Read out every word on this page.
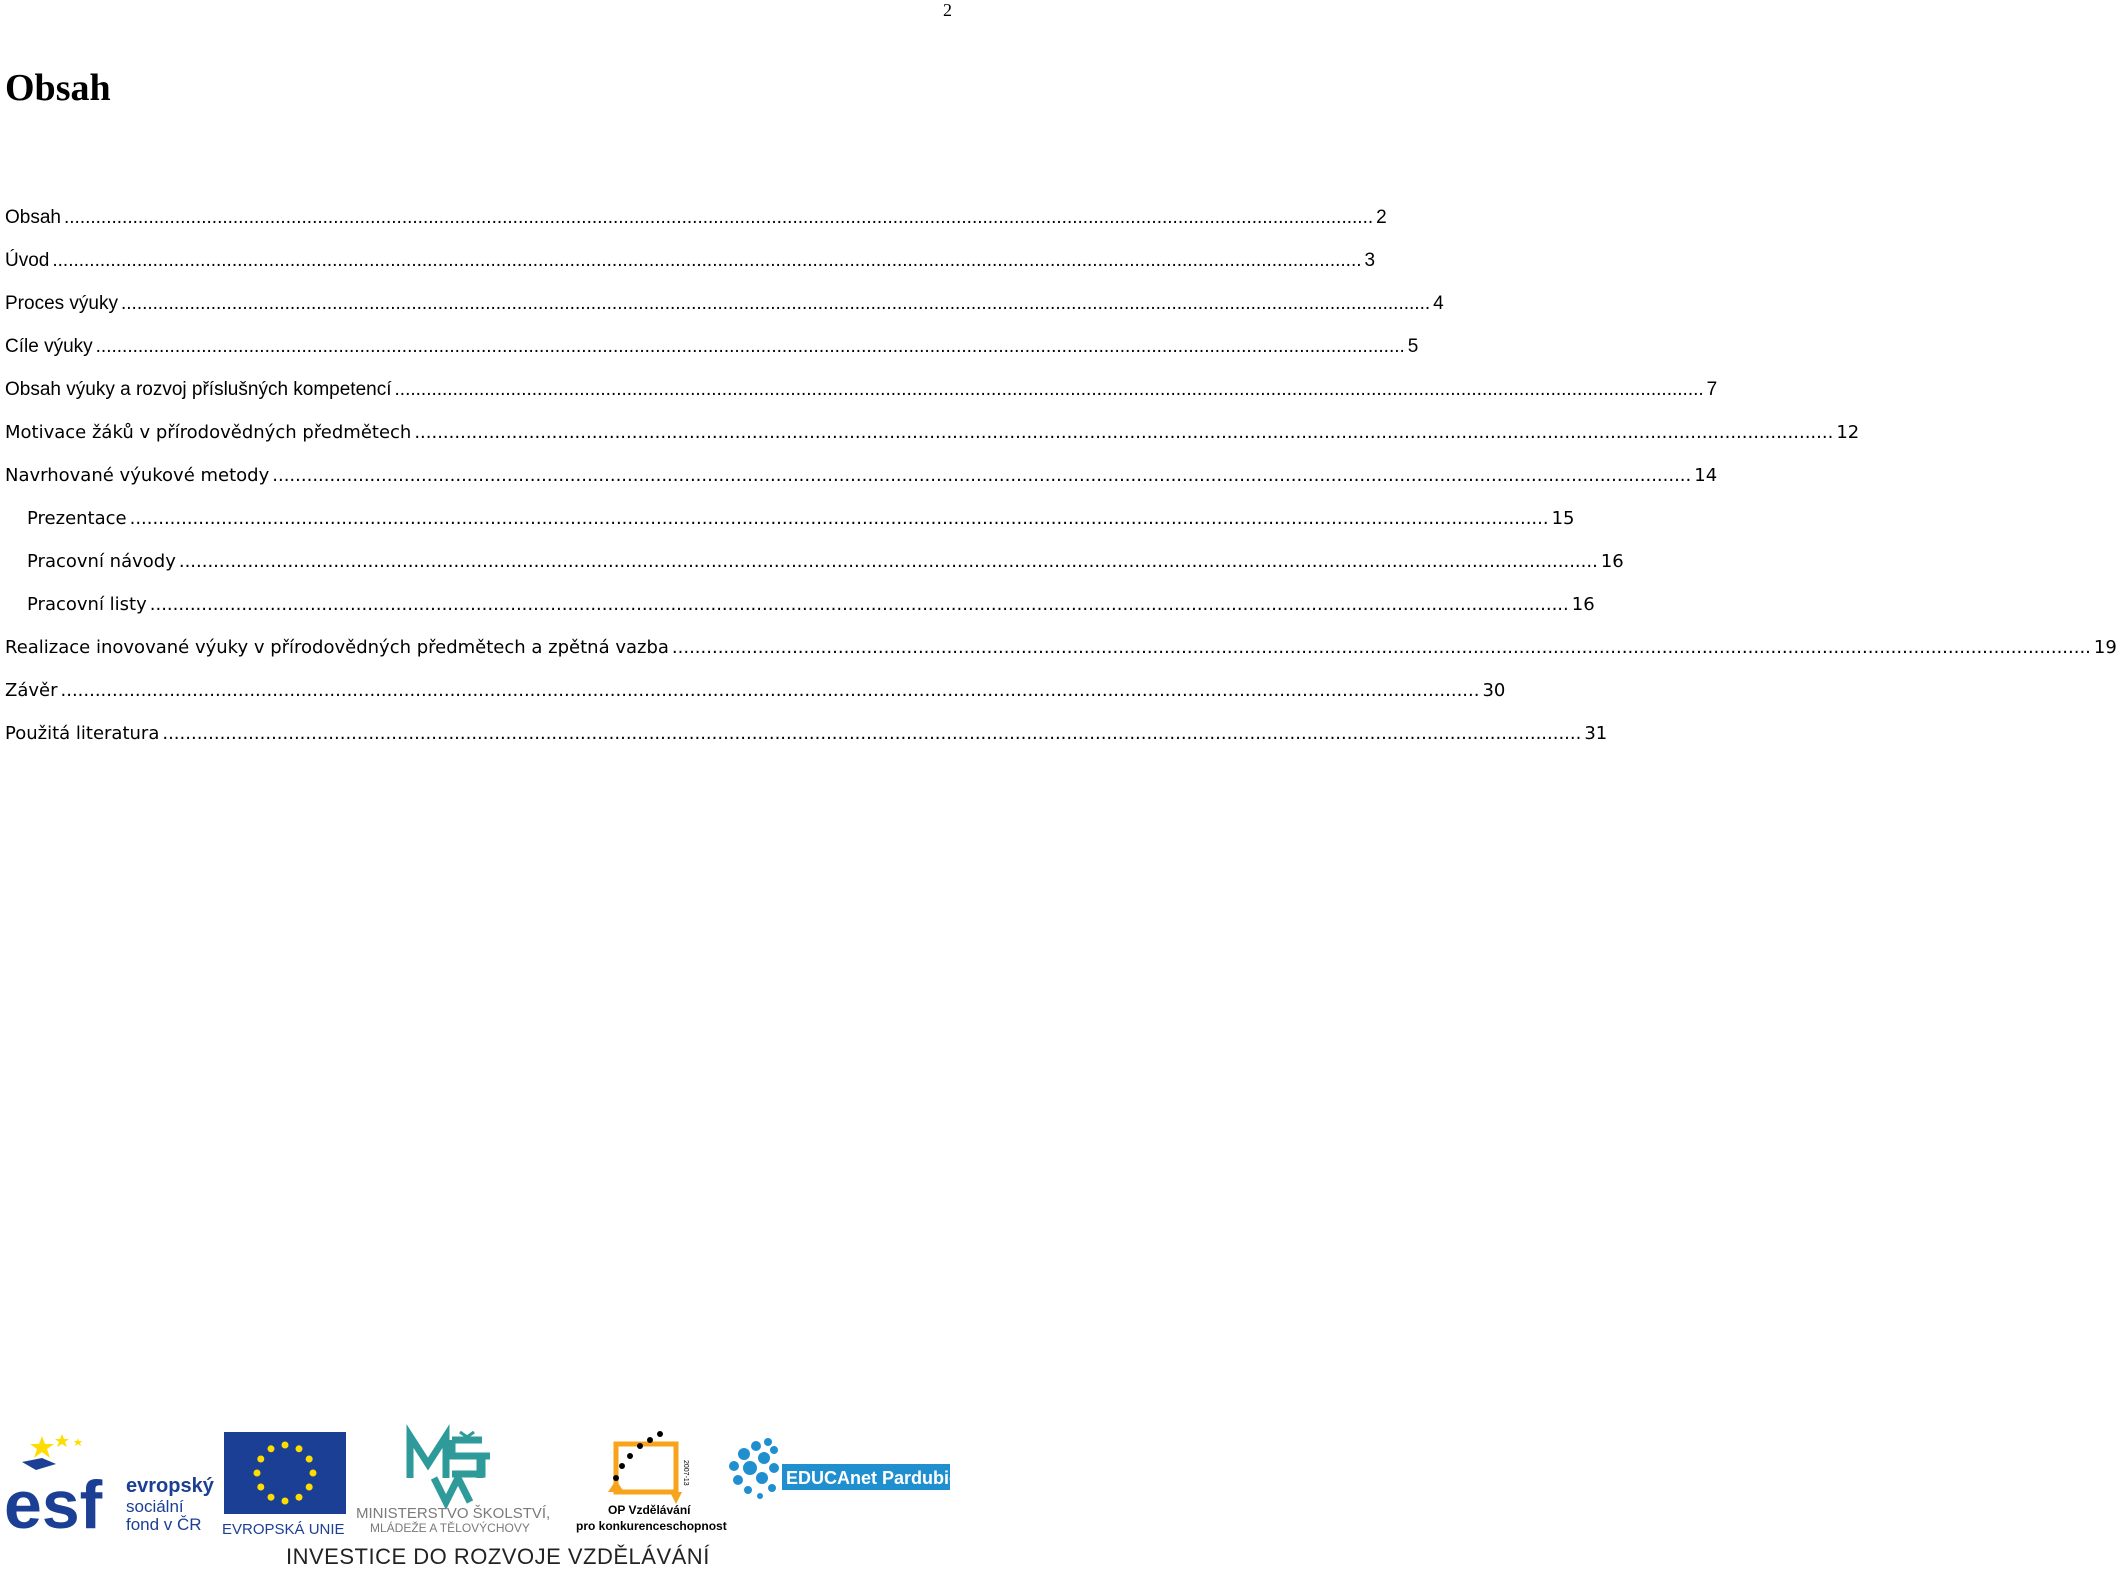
2
Obsah
Obsah .....	2
Úvod .....	3
Proces výuky .....	4
Cíle výuky .....	5
Obsah výuky a rozvoj příslušných kompetencí .....	7
Motivace žáků v přírodovědných předmětech .....	12
Navrhované výukové metody .....	14
Prezentace .....	15
Pracovní návody .....	16
Pracovní listy .....	16
Realizace inovované výuky v přírodovědných předmětech a zpětná vazba .....	19
Závěr .....	30
Použitá literatura .....	31
esf evropský
sociální
fond v ČR EVROPSKÁ UNIE
MINISTERSTVO ŠKOLSTVÍ,
MLÁDEŽE A TĚLOVÝCHOVY
2007-13
OP Vzdělávání
pro konkurenceschopnost
EDUCAnet Pardubice
INVESTICE DO ROZVOJE VZDĚLÁVÁNÍ
